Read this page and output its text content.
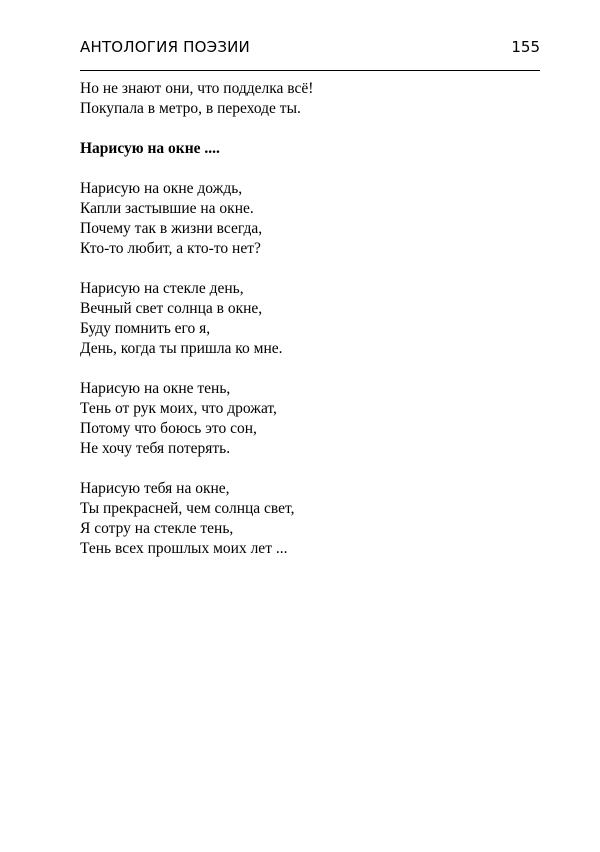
АНТОЛОГИЯ ПОЭЗИИ	155
Но не знают они, что подделка всё!
Покупала в метро, в переходе ты.
Нарисую на окне ....
Нарисую на окне дождь,
Капли застывшие на окне.
Почему так в жизни всегда,
Кто-то любит, а кто-то нет?
Нарисую на стекле день,
Вечный свет солнца в окне,
Буду помнить его я,
День, когда ты пришла ко мне.
Нарисую на окне тень,
Тень от рук моих, что дрожат,
Потому что боюсь это сон,
Не хочу тебя потерять.
Нарисую тебя на окне,
Ты прекрасней, чем солнца свет,
Я сотру на стекле тень,
Тень всех прошлых моих лет ...
